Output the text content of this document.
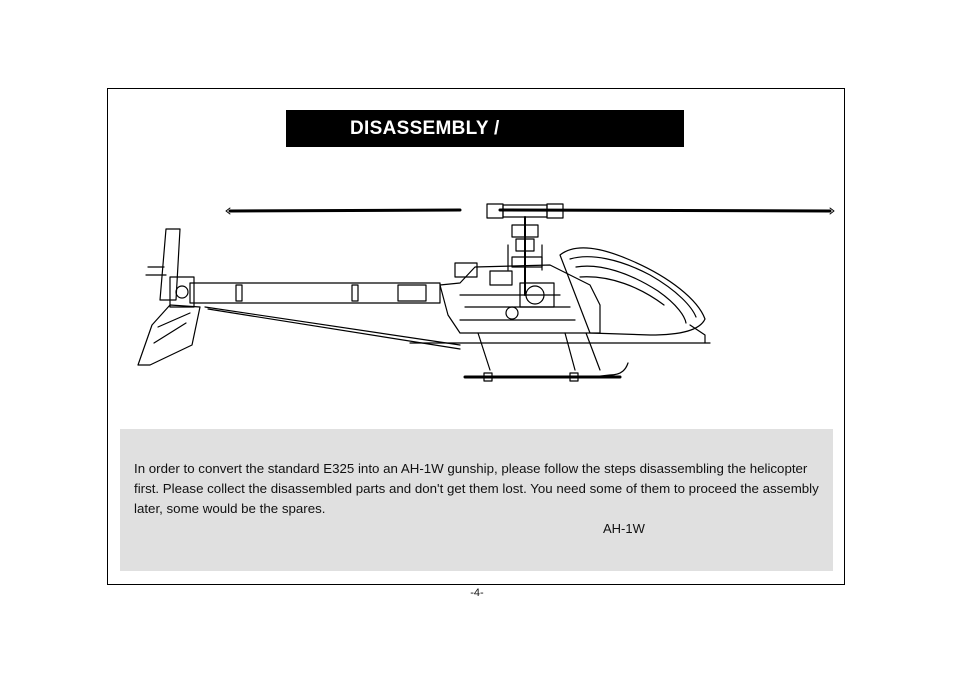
DISASSEMBLY /

In order to convert the standard E325 into an AH-1W gunship, please follow the steps disassembling the helicopter first. Please collect the disassembled parts and don't get them lost. You need some of them to proceed the assembly later, some would be the spares.

AH-1W

-4-
